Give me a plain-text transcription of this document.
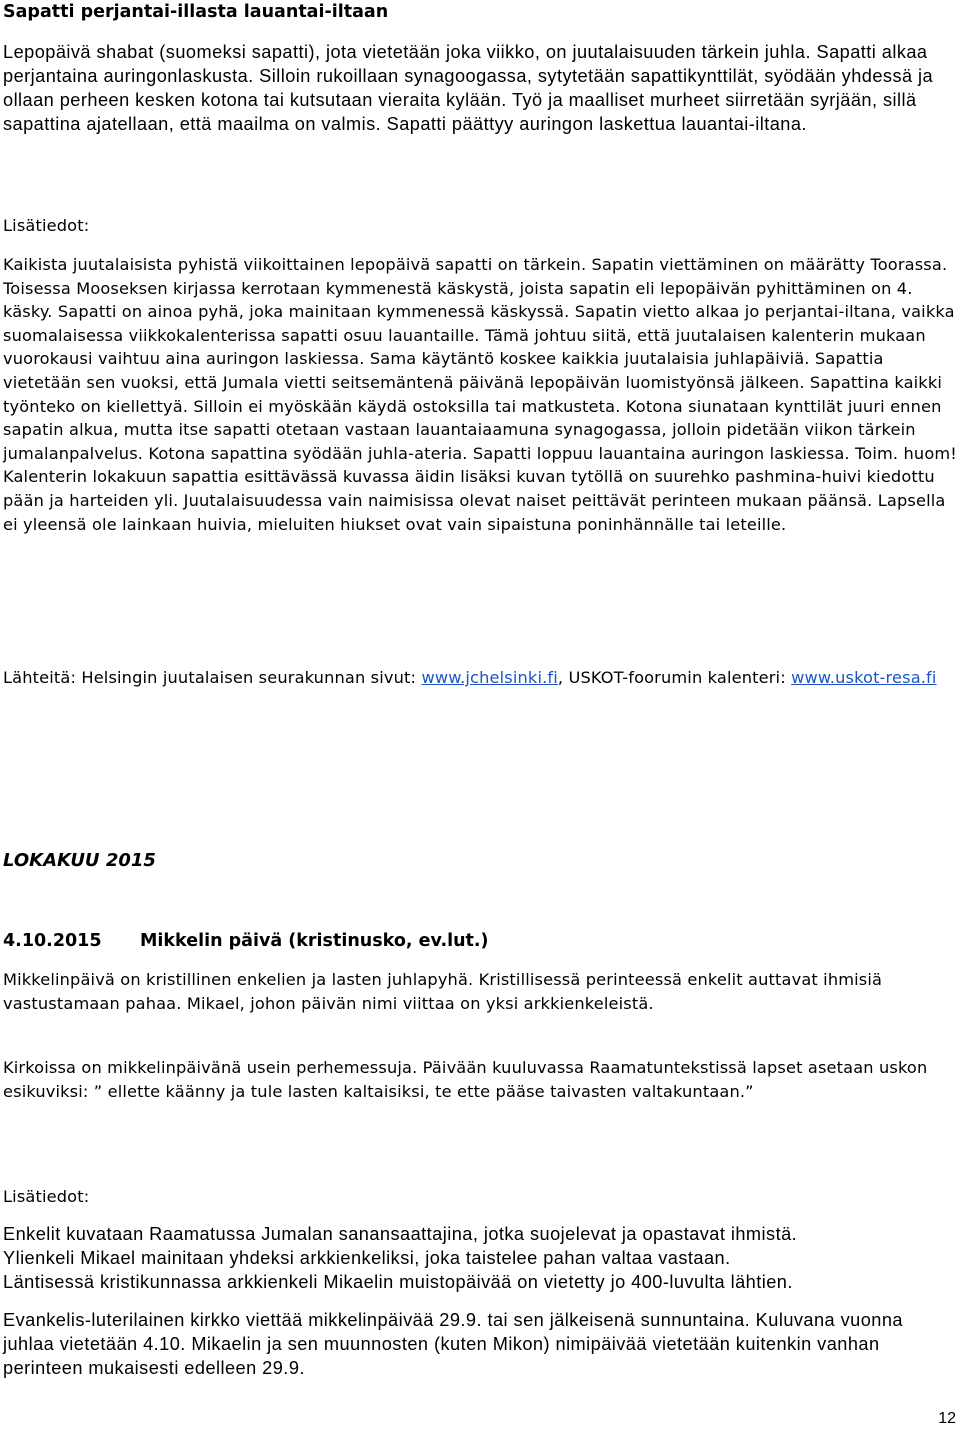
Sapatti perjantai-illasta lauantai-iltaan

Lepopäivä shabat (suomeksi sapatti), jota vietetään joka viikko, on juutalaisuuden tärkein juhla. Sapatti alkaa perjantaina auringonlaskusta. Silloin rukoillaan synagoogassa, sytytetään sapattikynttilät, syödään yhdessä ja ollaan perheen kesken kotona tai kutsutaan vieraita kylään. Työ ja maalliset murheet siirretään syrjään, sillä sapattina ajatellaan, että maailma on valmis. Sapatti päättyy auringon laskettua lauantai-iltana.

Lisätiedot:

Kaikista juutalaisista pyhistä viikoittainen lepopäivä sapatti on tärkein. Sapatin viettäminen on määrätty Toorassa. Toisessa Mooseksen kirjassa kerrotaan kymmenestä käskystä, joista sapatin eli lepopäivän pyhittäminen on 4. käsky. Sapatti on ainoa pyhä, joka mainitaan kymmenessä käskyssä. Sapatin vietto alkaa jo perjantai-iltana, vaikka suomalaisessa viikkokalenterissa sapatti osuu lauantaille. Tämä johtuu siitä, että juutalaisen kalenterin mukaan vuorokausi vaihtuu aina auringon laskiessa. Sama käytäntö koskee kaikkia juutalaisia juhlapäiviä. Sapattia vietetään sen vuoksi, että Jumala vietti seitsemäntenä päivänä lepopäivän luomistyönsä jälkeen. Sapattina kaikki työnteko on kiellettyä. Silloin ei myöskään käydä ostoksilla tai matkusteta. Kotona siunataan kynttilät juuri ennen sapatin alkua, mutta itse sapatti otetaan vastaan lauantaiaamuna synagogassa, jolloin pidetään viikon tärkein jumalanpalvelus. Kotona sapattina syödään juhla-ateria. Sapatti loppuu lauantaina auringon laskiessa. Toim. huom! Kalenterin lokakuun sapattia esittävässä kuvassa äidin lisäksi kuvan tytöllä on suurehko pashmina-huivi kiedottu pään ja harteiden yli. Juutalaisuudessa vain naimisissa olevat naiset peittävät perinteen mukaan päänsä. Lapsella ei yleensä ole lainkaan huivia, mieluiten hiukset ovat vain sipaistuna poninhännälle tai leteille.

Lähteitä: Helsingin juutalaisen seurakunnan sivut: www.jchelsinki.fi, USKOT-foorumin kalenteri: www.uskot-resa.fi

LOKAKUU 2015
4.10.2015 Mikkelin päivä (kristinusko, ev.lut.)

Mikkelinpäivä on kristillinen enkelien ja lasten juhlapyhä. Kristillisessä perinteessä enkelit auttavat ihmisiä vastustamaan pahaa. Mikael, johon päivän nimi viittaa on yksi arkkienkeleistä.

Kirkoissa on mikkelinpäivänä usein perhemessuja. Päivään kuuluvassa Raamatuntekstissä lapset asetaan uskon esikuviksi: ” ellette käänny ja tule lasten kaltaisiksi, te ette pääse taivasten valtakuntaan.”

Lisätiedot:
Enkelit kuvataan Raamatussa Jumalan sanansaattajina, jotka suojelevat ja opastavat ihmistä.
Ylienkeli Mikael mainitaan yhdeksi arkkienkeliksi, joka taistelee pahan valtaa vastaan.
Läntisessä kristikunnassa arkkienkeli Mikaelin muistopäivää on vietetty jo 400-luvulta lähtien.

Evankelis-luterilainen kirkko viettää mikkelinpäivää 29.9. tai sen jälkeisenä sunnuntaina. Kuluvana vuonna juhlaa vietetään 4.10. Mikaelin ja sen muunnosten (kuten Mikon) nimipäivää vietetään kuitenkin vanhan perinteen mukaisesti edelleen 29.9.

12
